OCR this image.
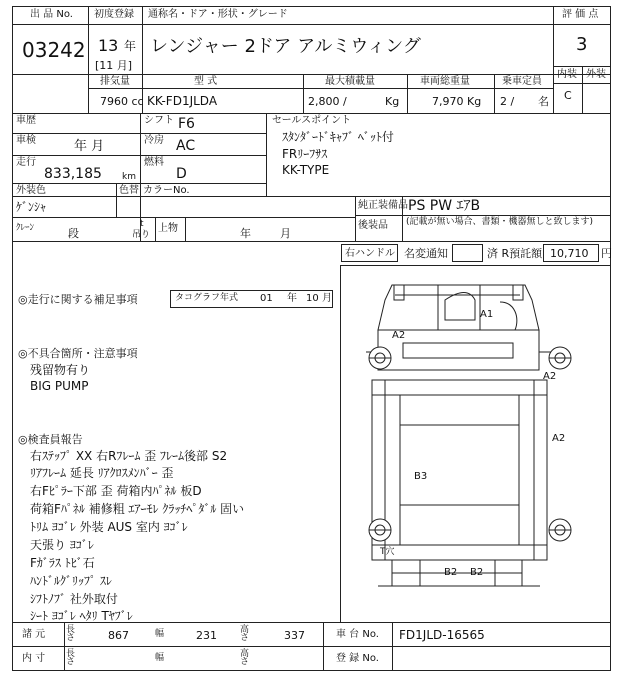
出 品 No.
03242
初度登録
13 年
[11 月]
通称名・ドア・形状・グレード
レンジャー 2ドア アルミウィング
評 価 点
3
内装 外装
C
排気量
7960 cc
型 式
KK-FD1JLDA
最大積載量
2,800 /	Kg
車両総重量
7,970 Kg
乗車定員
2 / 名
車歴	シフト F6
車検	年 月	冷房 AC
走行
833,185 km
燃料
D
外装色
ｹﾞﾝｼｬ
色替 カラーNo.
ｸﾚｰﾝ	段
t
吊り
上物	年	月
セールスポイント
ｽﾀﾝﾀﾞｰﾄﾞｷｬﾌﾞ ﾍﾞｯﾄ付
FRﾘｰﾌｻｽ
KK-TYPE
純正装備品 PS PW ｴｱB
後装品 (記載が無い場合、書類・機器無しと致します)
右ハンドル 名変通知	済 R預託額 10,710 円
◎走行に関する補足事項	タコグラフ年式 01 年 10 月
◎不具合箇所・注意事項
残留物有り
BIG PUMP
◎検査員報告
右ｽﾃｯﾌﾟ XX 右Rﾌﾚｰﾑ 歪 ﾌﾚｰﾑ後部 S2
ﾘｱﾌﾚｰﾑ 延長 ﾘｱｸﾛｽﾒﾝﾊﾞｰ 歪
右Fﾋﾟﾗｰ下部 歪 荷箱内ﾊﾟﾈﾙ 板D
荷箱Fﾊﾟﾈﾙ 補修粗 ｴｱｰﾓﾚ ｸﾗｯﾁﾍﾟﾀﾞﾙ 固い
ﾄﾘﾑ ﾖｺﾞﾚ 外装 AUS 室内 ﾖｺﾞﾚ
天張り ﾖｺﾞﾚ
Fｶﾞﾗｽ ﾄﾋﾞ石
ﾊﾝﾄﾞﾙｸﾞﾘｯﾌﾟ ｽﾚ
ｼﾌﾄﾉﾌﾞ 社外取付
ｼｰﾄ ﾖｺﾞﾚ ﾍﾀﾘ Tﾔﾌﾞﾚ
A1
A2
A2
A2
B3
T穴
B2 B2
諸 元 長さ	867	幅	231	高さ	337
内 寸 長さ	幅	高さ
車 台 No. FD1JLD-16565
登 録 No.
